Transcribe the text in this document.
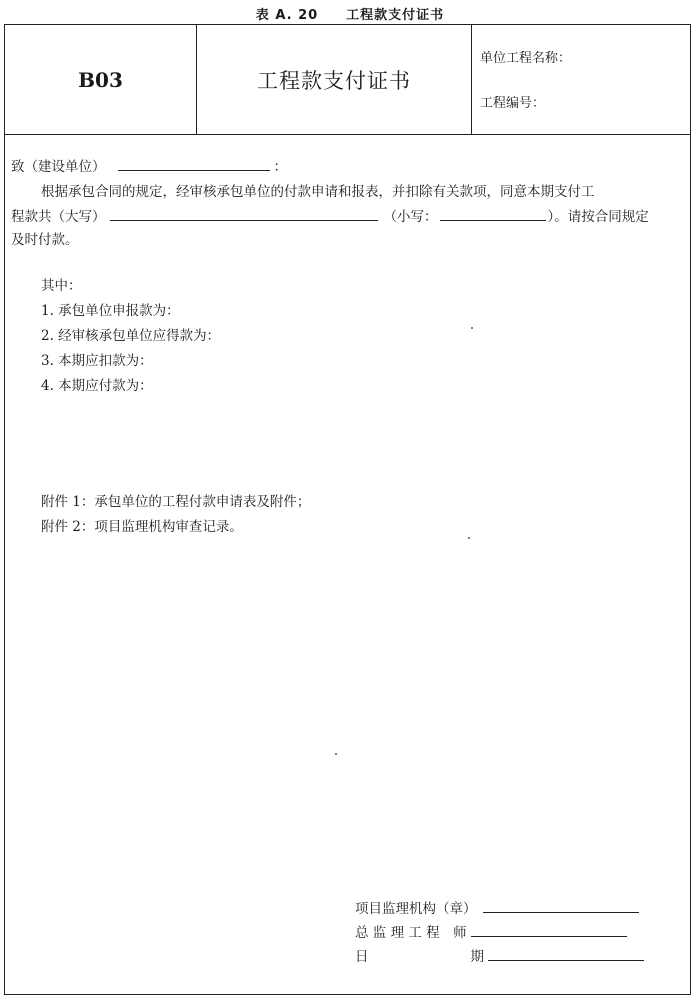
表 A. 20　　工程款支付证书
B03	工程款支付证书
单位工程名称：
工程编号：
致（建设单位）	：
根据承包合同的规定，经审核承包单位的付款申请和报表，并扣除有关款项，同意本期支付工
程款共（大写）	（小写：	）。请按合同规定
及时付款。
其中：
1. 承包单位申报款为：
2. 经审核承包单位应得款为：
3. 本期应扣款为：
4. 本期应付款为：
附件 1：承包单位的工程付款申请表及附件；
附件 2：项目监理机构审查记录。
项目监理机构（章）
总 监 理 工 程　师
日	期
